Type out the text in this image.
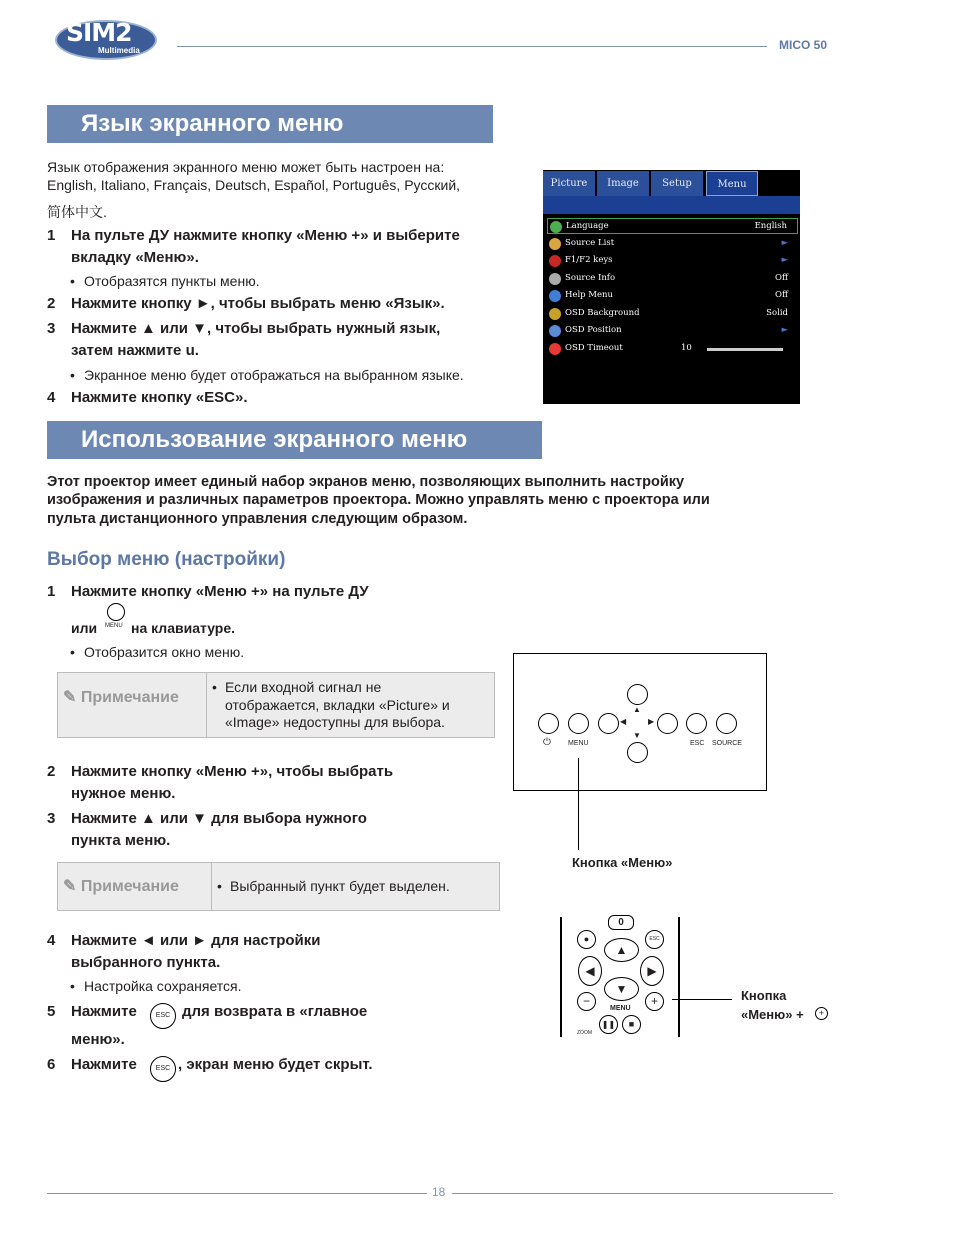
SIM2
Multimedia	MICO 50
Язык экранного меню
Язык отображения экранного меню может быть настроен на:
English, Italiano, Français, Deutsch, Español, Português, Русский,
简体中文.
1 На пульте ДУ нажмите кнопку «Меню +» и выберите
вкладку «Меню».
• Отобразятся пункты меню.
2 Нажмите кнопку ►, чтобы выбрать меню «Язык».
3 Нажмите ▲ или ▼, чтобы выбрать нужный язык,
затем нажмите u.
• Экранное меню будет отображаться на выбранном языке.
4 Нажмите кнопку «ESC».
Picture	Image	Setup	Menu
Language	English
Source List	►
F1/F2 keys	►
Source Info	Off
Help Menu	Off
OSD Background	Solid
OSD Position	►
OSD Timeout	10
Использование экранного меню
Этот проектор имеет единый набор экранов меню, позволяющих выполнить настройку
изображения и различных параметров проектора. Можно управлять меню с проектора или
пульта дистанционного управления следующим образом.
Выбор меню (настройки)
1 Нажмите кнопку «Меню +» на пульте ДУ
или MENU на клавиатуре.
• Отобразится окно меню.
✎ Примечание
• Если входной сигнал не
отображается, вкладки «Picture» и
«Image» недоступны для выбора.
2 Нажмите кнопку «Меню +», чтобы выбрать
нужное меню.
3 Нажмите ▲ или ▼ для выбора нужного
пункта меню.
✎ Примечание	• Выбранный пункт будет выделен.
4 Нажмите ◄ или ► для настройки
выбранного пункта.
• Настройка сохраняется.
5 Нажмите	ESC для возврата в «главное
меню».
6 Нажмите	ESC , экран меню будет скрыт.
⏻ MENU
◀
▲
▼
▶
ESC SOURCE
Кнопка «Меню»
0
●	ESC
▲
◀	▶
▼
−	+
MENU
❚❚	■
ZOOM
Кнопка
«Меню» +	+
18
